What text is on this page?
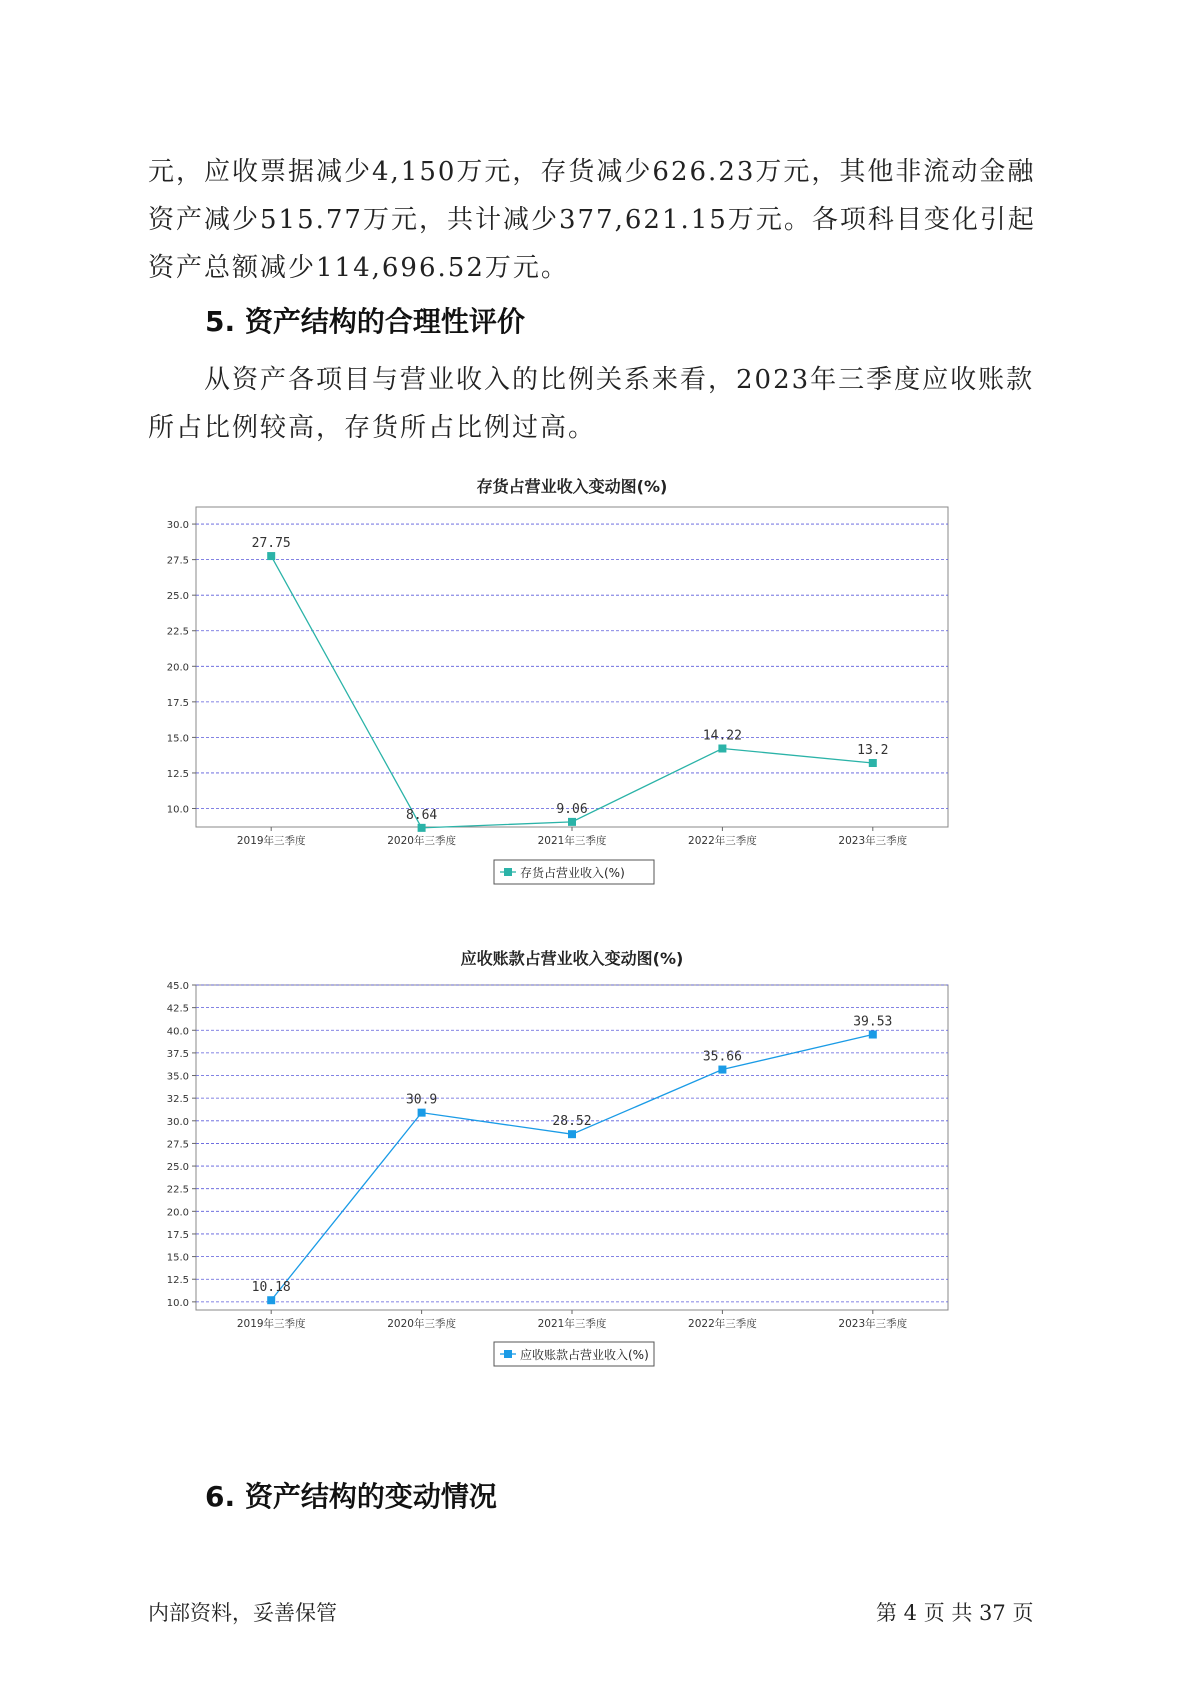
元，应收票据减少4,150万元，存货减少626.23万元，其他非流动金融资产减少515.77万元，共计减少377,621.15万元。各项科目变化引起资产总额减少114,696.52万元。

5. 资产结构的合理性评价

从资产各项目与营业收入的比例关系来看，2023年三季度应收账款所占比例较高，存货所占比例过高。

存货占营业收入变动图(%)
10.0
12.5
15.0
17.5
20.0
22.5
25.0
27.5
30.0
2019年三季度	2020年三季度	2021年三季度	2022年三季度	2023年三季度
27.75
8.64	9.06
14.22
13.2
存货占营业收入(%)
应收账款占营业收入变动图(%)
10.0
12.5
15.0
17.5
20.0
22.5
25.0
27.5
30.0
32.5
35.0
37.5
40.0
42.5
45.0
2019年三季度	2020年三季度	2021年三季度	2022年三季度	2023年三季度
10.18
30.9
28.52
35.66
39.53
应收账款占营业收入(%)
6. 资产结构的变动情况
内部资料，妥善保管	第 4 页 共 37 页
